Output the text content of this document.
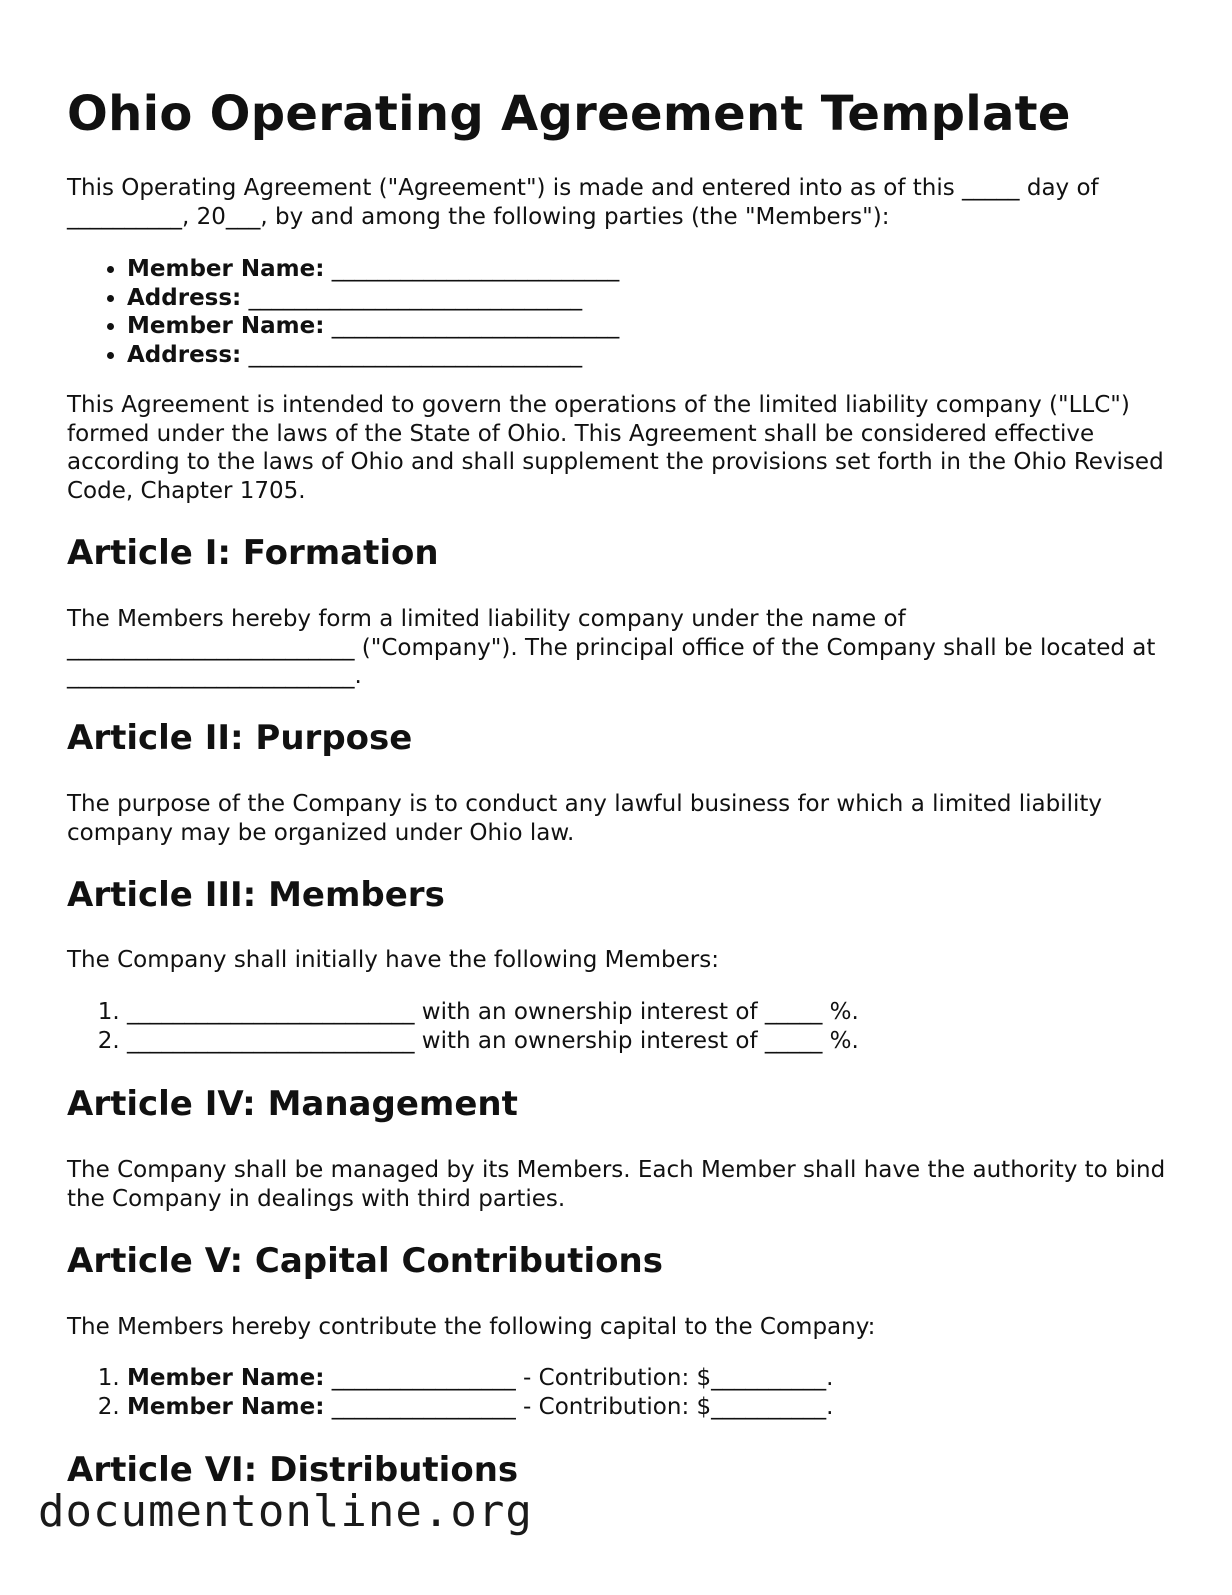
Ohio Operating Agreement Template

This Operating Agreement ("Agreement") is made and entered into as of this _____ day of __________, 20___, by and among the following parties (the "Members"):

• Member Name: _________________________
• Address: _____________________________
• Member Name: _________________________
• Address: _____________________________

This Agreement is intended to govern the operations of the limited liability company ("LLC") formed under the laws of the State of Ohio. This Agreement shall be considered effective according to the laws of Ohio and shall supplement the provisions set forth in the Ohio Revised Code, Chapter 1705.

Article I: Formation

The Members hereby form a limited liability company under the name of _________________________ ("Company"). The principal office of the Company shall be located at _________________________.

Article II: Purpose

The purpose of the Company is to conduct any lawful business for which a limited liability company may be organized under Ohio law.

Article III: Members

The Company shall initially have the following Members:

1. _________________________ with an ownership interest of _____ %.
2. _________________________ with an ownership interest of _____ %.
Article IV: Management

The Company shall be managed by its Members. Each Member shall have the authority to bind the Company in dealings with third parties.

Article V: Capital Contributions

The Members hereby contribute the following capital to the Company:

1. Member Name: ________________ - Contribution: $__________.
2. Member Name: ________________ - Contribution: $__________.
Article VI: Distributions
documentonline.org
